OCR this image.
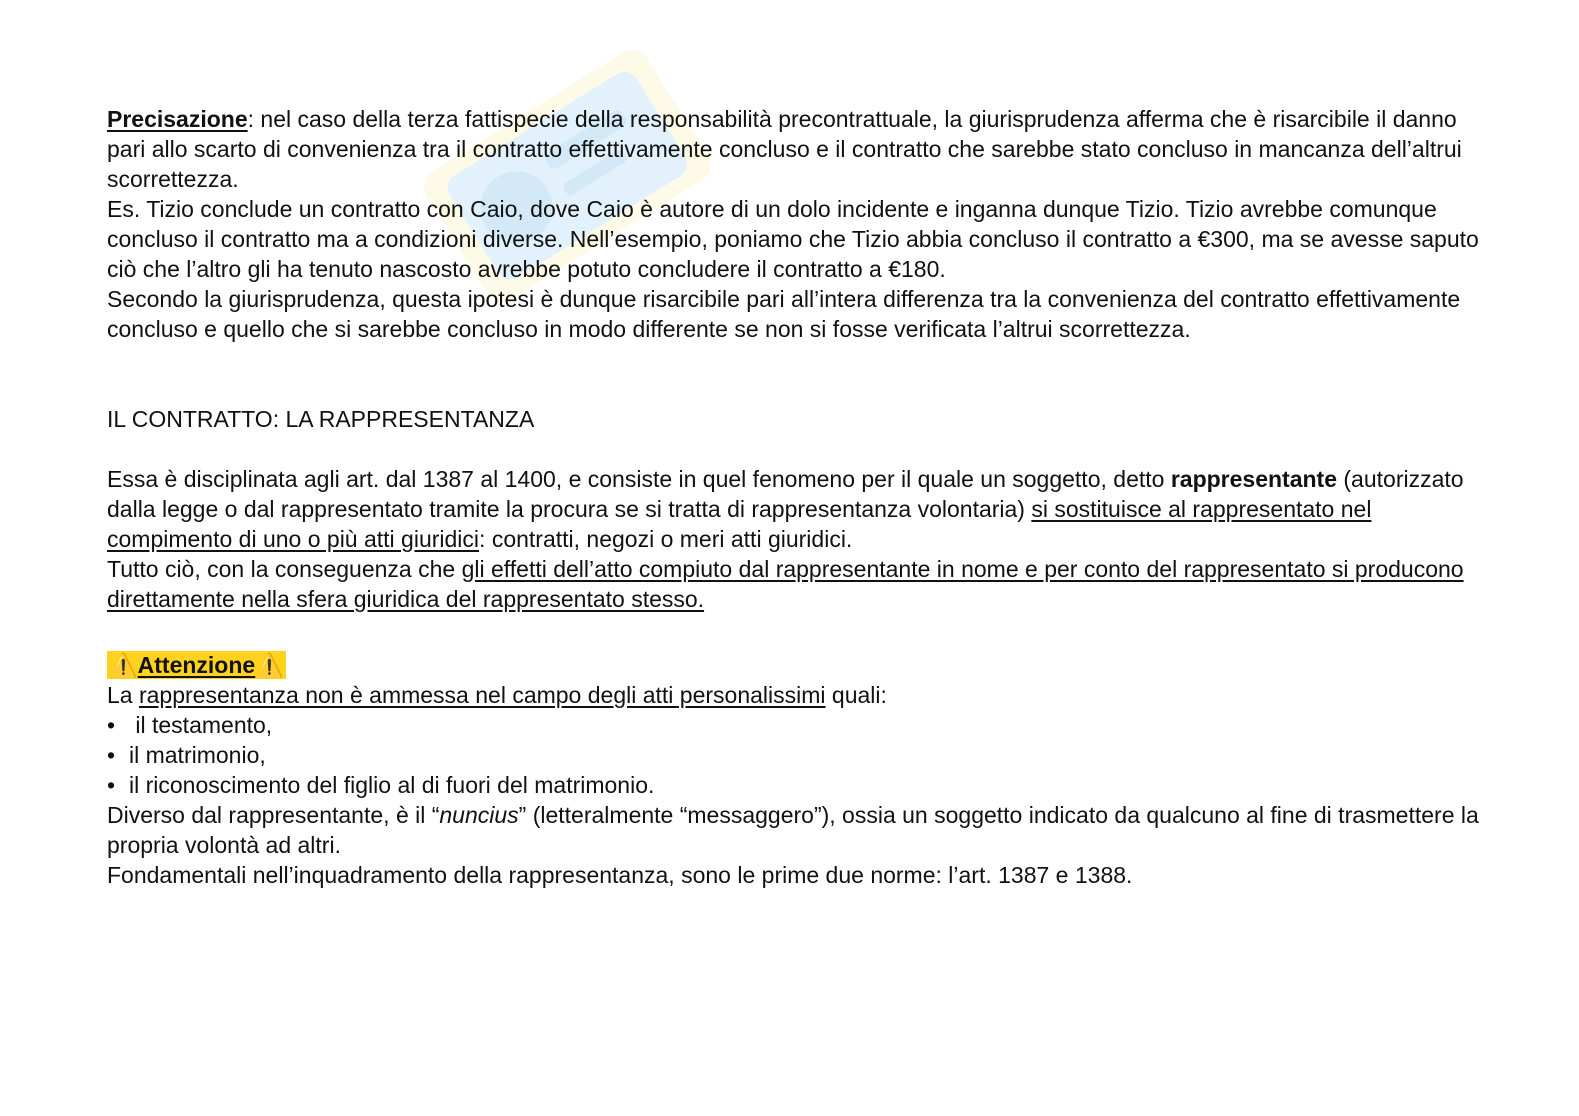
Precisazione: nel caso della terza fattispecie della responsabilità precontrattuale, la giurisprudenza afferma che è risarcibile il danno pari allo scarto di convenienza tra il contratto effettivamente concluso e il contratto che sarebbe stato concluso in mancanza dell’altrui scorrettezza.

Es. Tizio conclude un contratto con Caio, dove Caio è autore di un dolo incidente e inganna dunque Tizio. Tizio avrebbe comunque concluso il contratto ma a condizioni diverse. Nell’esempio, poniamo che Tizio abbia concluso il contratto a €300, ma se avesse saputo ciò che l’altro gli ha tenuto nascosto avrebbe potuto concludere il contratto a €180.

Secondo la giurisprudenza, questa ipotesi è dunque risarcibile pari all’intera differenza tra la convenienza del contratto effettivamente concluso e quello che si sarebbe concluso in modo differente se non si fosse verificata l’altrui scorrettezza.

IL CONTRATTO: LA RAPPRESENTANZA

Essa è disciplinata agli art. dal 1387 al 1400, e consiste in quel fenomeno per il quale un soggetto, detto rappresentante (autorizzato dalla legge o dal rappresentato tramite la procura se si tratta di rappresentanza volontaria) si sostituisce al rappresentato nel compimento di uno o più atti giuridici: contratti, negozi o meri atti giuridici.

Tutto ciò, con la conseguenza che gli effetti dell’atto compiuto dal rappresentante in nome e per conto del rappresentato si producono direttamente nella sfera giuridica del rappresentato stesso.

⚠️Attenzione⚠️

La rappresentanza non è ammessa nel campo degli atti personalissimi quali:

• il testamento,
• il matrimonio,
• il riconoscimento del figlio al di fuori del matrimonio.

Diverso dal rappresentante, è il “nuncius” (letteralmente “messaggero”), ossia un soggetto indicato da qualcuno al fine di trasmettere la propria volontà ad altri.

Fondamentali nell’inquadramento della rappresentanza, sono le prime due norme: l’art. 1387 e 1388.
